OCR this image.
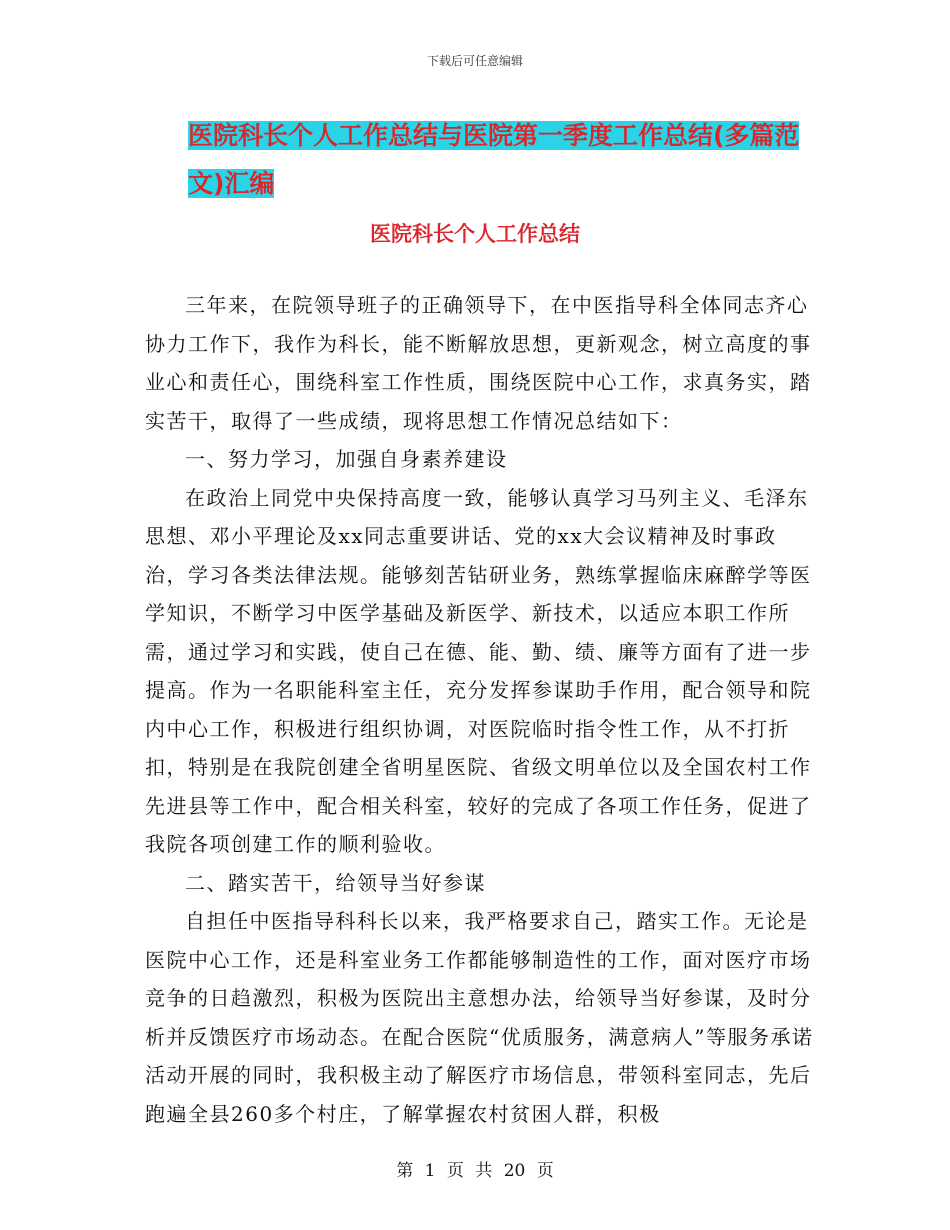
下载后可任意编辑
医院科长个人工作总结与医院第一季度工作总结(多篇范文)汇编
医院科长个人工作总结

三年来，在院领导班子的正确领导下，在中医指导科全体同志齐心协力工作下，我作为科长，能不断解放思想，更新观念，树立高度的事业心和责任心，围绕科室工作性质，围绕医院中心工作，求真务实，踏实苦干，取得了一些成绩，现将思想工作情况总结如下：

一、努力学习，加强自身素养建设

在政治上同党中央保持高度一致，能够认真学习马列主义、毛泽东思想、邓小平理论及xx同志重要讲话、党的xx大会议精神及时事政治，学习各类法律法规。能够刻苦钻研业务，熟练掌握临床麻醉学等医学知识，不断学习中医学基础及新医学、新技术，以适应本职工作所需，通过学习和实践，使自己在德、能、勤、绩、廉等方面有了进一步提高。作为一名职能科室主任，充分发挥参谋助手作用，配合领导和院内中心工作，积极进行组织协调，对医院临时指令性工作，从不打折扣，特别是在我院创建全省明星医院、省级文明单位以及全国农村工作先进县等工作中，配合相关科室，较好的完成了各项工作任务，促进了我院各项创建工作的顺利验收。

二、踏实苦干，给领导当好参谋

自担任中医指导科科长以来，我严格要求自己，踏实工作。无论是医院中心工作，还是科室业务工作都能够制造性的工作，面对医疗市场竞争的日趋激烈，积极为医院出主意想办法，给领导当好参谋，及时分析并反馈医疗市场动态。在配合医院“优质服务，满意病人”等服务承诺活动开展的同时，我积极主动了解医疗市场信息，带领科室同志，先后跑遍全县260多个村庄，了解掌握农村贫困人群，积极

第 1 页 共 20 页
